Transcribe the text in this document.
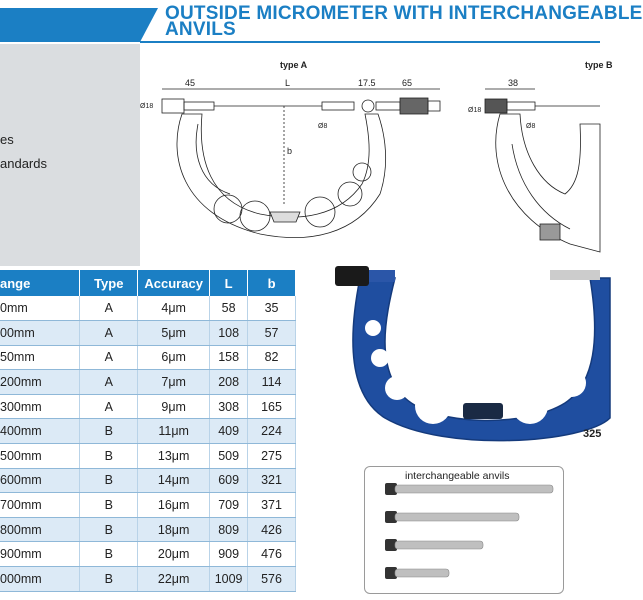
OUTSIDE MICROMETER WITH INTERCHANGEABLE
ANVILS
es
andards
type A	type B
45	L	17.5	65
Ø18
Ø8
b
38
Ø18
Ø8
ange	Type	Accuracy	L	b
0mm	A	4μm	58	35
00mm	A	5μm	108	57
50mm	A	6μm	158	82
200mm	A	7μm	208	114
300mm	A	9μm	308	165
400mm	B	11μm	409	224
500mm	B	13μm	509	275
600mm	B	14μm	609	321
700mm	B	16μm	709	371
800mm	B	18μm	809	426
900mm	B	20μm	909	476
000mm	B	22μm	1009	576
325
interchangeable anvils
